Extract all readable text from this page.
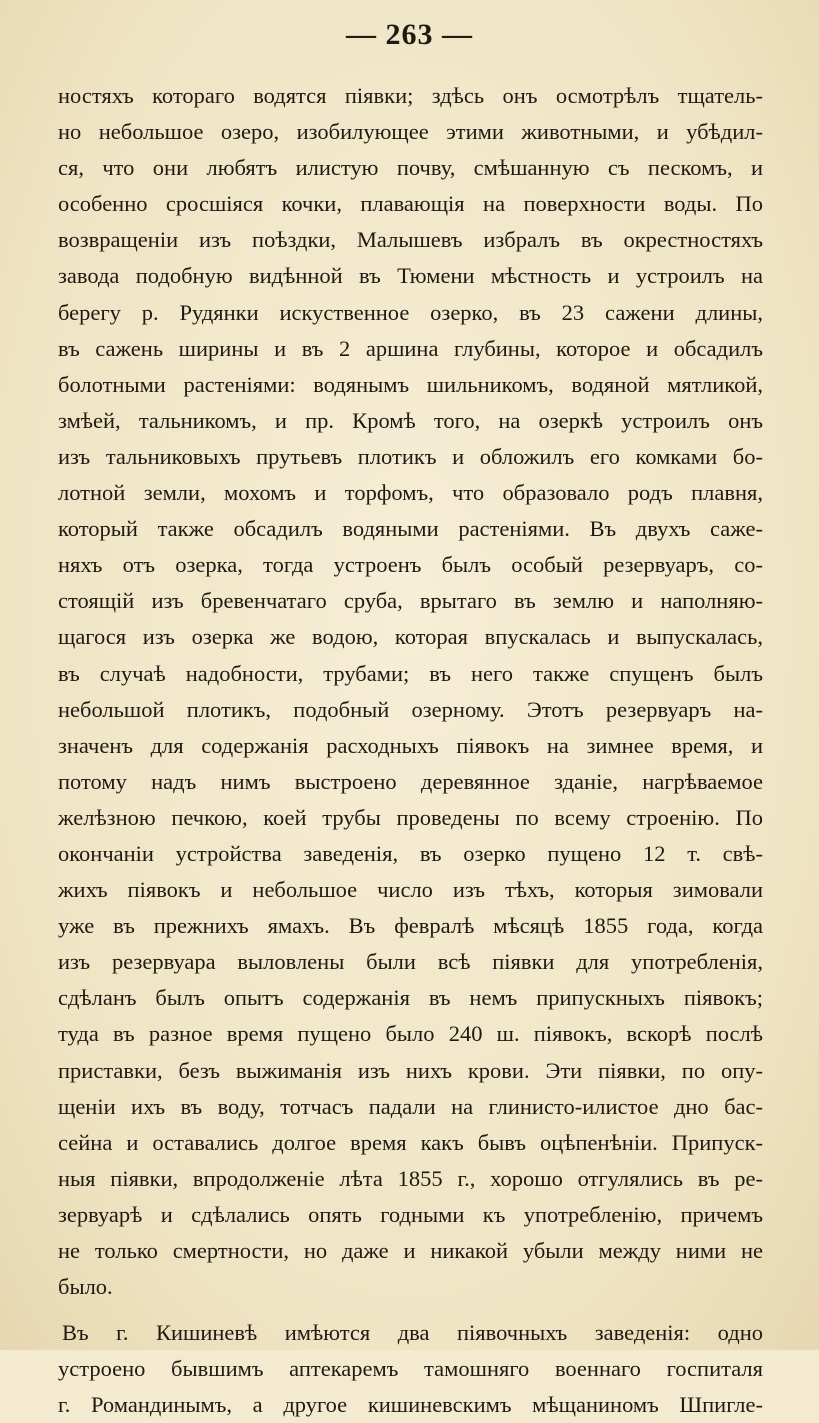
— 263 —
ностяхъ котораго водятся пiявки; здѣсь онъ осмотрѣлъ тщатель-
но небольшое озеро, изобилующее этими животными, и убѣдил-
ся, что они любятъ илистую почву, смѣшанную съ пескомъ, и
особенно сросшiяся кочки, плавающiя на поверхности воды. По
возвращенiи изъ поѣздки, Малышевъ избралъ въ окрестностяхъ
завода подобную видѣнной въ Тюмени мѣстность и устроилъ на
берегу р. Рудянки искуственное озерко, въ 23 сажени длины,
въ сажень ширины и въ 2 аршина глубины, которое и обсадилъ
болотными растенiями: водянымъ шильникомъ, водяной мятликой,
змѣей, тальникомъ, и пр. Кромѣ того, на озеркѣ устроилъ онъ
изъ тальниковыхъ прутьевъ плотикъ и обложилъ его комками бо-
лотной земли, мохомъ и торфомъ, что образовало родъ плавня,
который также обсадилъ водяными растенiями. Въ двухъ саже-
няхъ отъ озерка, тогда устроенъ былъ особый резервуаръ, со-
стоящiй изъ бревенчатаго сруба, врытаго въ землю и наполняю-
щагося изъ озерка же водою, которая впускалась и выпускалась,
въ случаѣ надобности, трубами; въ него также спущенъ былъ
небольшой плотикъ, подобный озерному. Этотъ резервуаръ на-
значенъ для содержанiя расходныхъ пiявокъ на зимнее время, и
потому надъ нимъ выстроено деревянное зданiе, нагрѣваемое
желѣзною печкою, коей трубы проведены по всему строенiю. По
окончанiи устройства заведенiя, въ озерко пущено 12 т. свѣ-
жихъ пiявокъ и небольшое число изъ тѣхъ, которыя зимовали
уже въ прежнихъ ямахъ. Въ февралѣ мѣсяцѣ 1855 года, когда
изъ резервуара выловлены были всѣ пiявки для употребленiя,
сдѣланъ былъ опытъ содержанiя въ немъ припускныхъ пiявокъ;
туда въ разное время пущено было 240 ш. пiявокъ, вскорѣ послѣ
приставки, безъ выжиманiя изъ нихъ крови. Эти пiявки, по опу-
щенiи ихъ въ воду, тотчасъ падали на глинисто-илистое дно бас-
сейна и оставались долгое время какъ бывъ оцѣпенѣнiи. Припуск-
ныя пiявки, впродолженiе лѣта 1855 г., хорошо отгулялись въ ре-
зервуарѣ и сдѣлались опять годными къ употребленiю, причемъ
не только смертности, но даже и никакой убыли между ними не
было.
Въ г. Кишиневѣ имѣются два пiявочныхъ заведенiя: одно
устроено бывшимъ аптекаремъ тамошняго военнаго госпиталя
г. Романдинымъ, а другое кишиневскимъ мѣщаниномъ Шпигле-
